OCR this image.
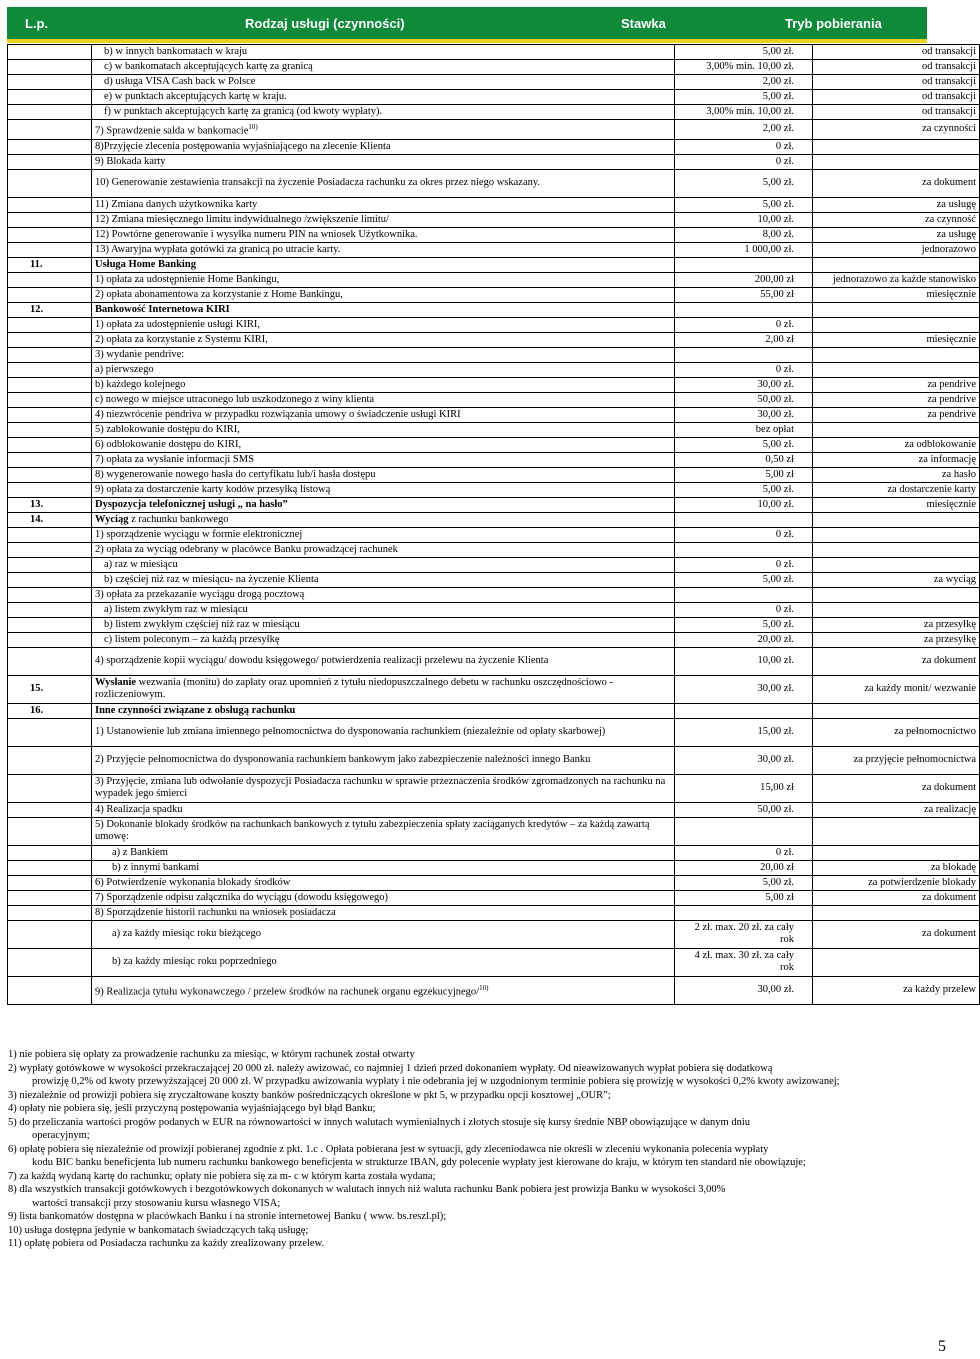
L.p.	Rodzaj usługi (czynności)	Stawka	Tryb pobierania
	b) w innych bankomatach w kraju	5,00 zł.	od transakcji
	c) w bankomatach akceptujących kartę za granicą	3,00% min. 10,00 zł.	od transakcji
	d) usługa VISA Cash back w Polsce	2,00 zł.	od transakcji
	e) w punktach akceptujących kartę w kraju.	5,00 zł.	od transakcji
	f) w punktach akceptujących kartę za granicą (od kwoty wypłaty).	3,00% min. 10,00 zł.	od transakcji
	7) Sprawdzenie salda w bankomacie$^{10)}$	2,00 zł.	za czynności
	8)Przyjęcie zlecenia postępowania wyjaśniającego na zlecenie Klienta	0 zł.	
	9) Blokada karty	0 zł.	
	10) Generowanie zestawienia transakcji na życzenie Posiadacza rachunku za okres przez niego wskazany.	5,00 zł.	za dokument
	11) Zmiana danych użytkownika karty	5,00 zł.	za usługę
	12) Zmiana miesięcznego limitu indywidualnego /zwiększenie limitu/	10,00 zł.	za czynność
	12) Powtórne generowanie i wysyłka numeru PIN na wniosek Użytkownika.	8,00 zł.	za usługę
	13) Awaryjna wypłata gotówki za granicą po utracie karty.	1 000,00 zł.	jednorazowo
11.	Usługa Home Banking		
	1) opłata za udostępnienie Home Bankingu,	200,00 zł	jednorazowo za każde stanowisko
	2) opłata abonamentowa za korzystanie z Home Bankingu,	55,00 zł	miesięcznie
12.	Bankowość Internetowa KIRI		
	1) opłata za udostępnienie usługi KIRI,	0 zł.	
	2) opłata za korzystanie z Systemu KIRI,	2,00 zł	miesięcznie
	3) wydanie pendrive:		
	a) pierwszego	0 zł.	
	b) każdego kolejnego	30,00 zł.	za pendrive
	c) nowego w miejsce utraconego lub uszkodzonego z winy klienta	50,00 zł.	za pendrive
	4) niezwrócenie pendriva w przypadku rozwiązania umowy o świadczenie usługi KIRI	30,00 zł.	za pendrive
	5) zablokowanie dostępu do KIRI,	bez opłat	
	6) odblokowanie dostępu do KIRI,	5,00 zł.	za odblokowanie
	7) opłata za wysłanie informacji SMS	0,50 zł	za informację
	8) wygenerowanie nowego hasła do certyfikatu lub/i hasła dostępu	5,00 zł	za hasło
	9) opłata za dostarczenie karty kodów przesyłką listową	5,00 zł.	za dostarczenie karty
13.	Dyspozycja telefonicznej usługi „ na hasło”	10,00 zł.	miesięcznie
14.	Wyciąg z rachunku bankowego		
	1) sporządzenie wyciągu w formie elektronicznej	0 zł.	
	2) opłata za wyciąg odebrany w placówce Banku prowadzącej rachunek		
	a) raz w miesiącu	0 zł.	
	b) częściej niż raz w miesiącu- na życzenie Klienta	5,00 zł.	za wyciąg
	3) opłata za przekazanie wyciągu drogą pocztową		
	a) listem zwykłym raz w miesiącu	0 zł.	
	b) listem zwykłym częściej niż raz w miesiącu	5,00 zł.	za przesyłkę
	c) listem poleconym – za każdą przesyłkę	20,00 zł.	za przesyłkę
	4) sporządzenie kopii wyciągu/ dowodu księgowego/ potwierdzenia realizacji przelewu na życzenie Klienta	10,00 zł.	za dokument
15.	Wysłanie wezwania (monitu) do zapłaty oraz upomnień z tytułu niedopuszczalnego debetu w rachunku oszczędnościowo - rozliczeniowym.	30,00 zł.	za każdy monit/ wezwanie
16.	Inne czynności związane z obsługą rachunku		
	1) Ustanowienie lub zmiana imiennego pełnomocnictwa do dysponowania rachunkiem (niezależnie od opłaty skarbowej)	15,00 zł.	za pełnomocnictwo
	2) Przyjęcie pełnomocnictwa do dysponowania rachunkiem bankowym jako zabezpieczenie należności innego Banku	30,00 zł.	za przyjęcie pełnomocnictwa
	3) Przyjęcie, zmiana lub odwołanie dyspozycji Posiadacza rachunku w sprawie przeznaczenia środków zgromadzonych na rachunku na wypadek jego śmierci	15,00 zł	za dokument
	4) Realizacja spadku	50,00 zł.	za realizację
	5) Dokonanie blokady środków na rachunkach bankowych z tytułu zabezpieczenia spłaty zaciąganych kredytów – za każdą zawartą umowę:		
	a) z Bankiem	0 zł.	
	b) z innymi bankami	20,00 zł	za blokadę
	6) Potwierdzenie wykonania blokady środków	5,00 zł.	za potwierdzenie blokady
	7) Sporządzenie odpisu załącznika do wyciągu (dowodu księgowego)	5,00 zł	za dokument
	8) Sporządzenie historii rachunku na wniosek posiadacza		
	a) za każdy miesiąc roku bieżącego	2 zł. max. 20 zł. za cały rok	za dokument
	b) za każdy miesiąc roku poprzedniego	4 zł. max. 30 zł. za cały rok	
	9) Realizacja tytułu wykonawczego / przelew środków na rachunek organu egzekucyjnego/$^{10)}$	30,00 zł.	za każdy przelew

1) nie pobiera się opłaty za prowadzenie rachunku za miesiąc, w którym rachunek został otwarty

2) wypłaty gotówkowe w wysokości przekraczającej 20 000 zł. należy awizować, co najmniej 1 dzień przed dokonaniem wypłaty. Od nieawizowanych wypłat pobiera się dodatkową
prowizję 0,2% od kwoty przewyższającej 20 000 zł. W przypadku awizowania wypłaty i nie odebrania jej w uzgodnionym terminie pobiera się prowizję w wysokości 0,2% kwoty awizowanej;

3) niezależnie od prowizji pobiera się zryczałtowane koszty banków pośredniczących określone w pkt 5, w przypadku opcji kosztowej „OUR”;

4) opłaty nie pobiera się, jeśli przyczyną postępowania wyjaśniającego był błąd Banku;

5) do przeliczania wartości progów podanych w EUR na równowartości w innych walutach wymienialnych i złotych stosuje się kursy średnie NBP obowiązujące w danym dniu
operacyjnym;

6) opłatę pobiera się niezależnie od prowizji pobieranej zgodnie z pkt. 1.c . Opłata pobierana jest w sytuacji, gdy zleceniodawca nie określi w zleceniu wykonania polecenia wypłaty
kodu BIC banku beneficjenta lub numeru rachunku bankowego beneficjenta w strukturze IBAN, gdy polecenie wypłaty jest kierowane do kraju, w którym ten standard nie obowiązuje;

7) za każdą wydaną kartę do rachunku; opłaty nie pobiera się za m- c w którym karta została wydana;

8) dla wszystkich transakcji gotówkowych i bezgotówkowych dokonanych w walutach innych niż waluta rachunku Bank pobiera jest prowizja Banku w wysokości 3,00%
wartości transakcji przy stosowaniu kursu własnego VISA;

9) lista bankomatów dostępna w placówkach Banku i na stronie internetowej Banku ( www. bs.reszl.pl);

10) usługa dostępna jedynie w bankomatach świadczących taką usługę;

11) opłatę pobiera od Posiadacza rachunku za każdy zrealizowany przelew.

5
